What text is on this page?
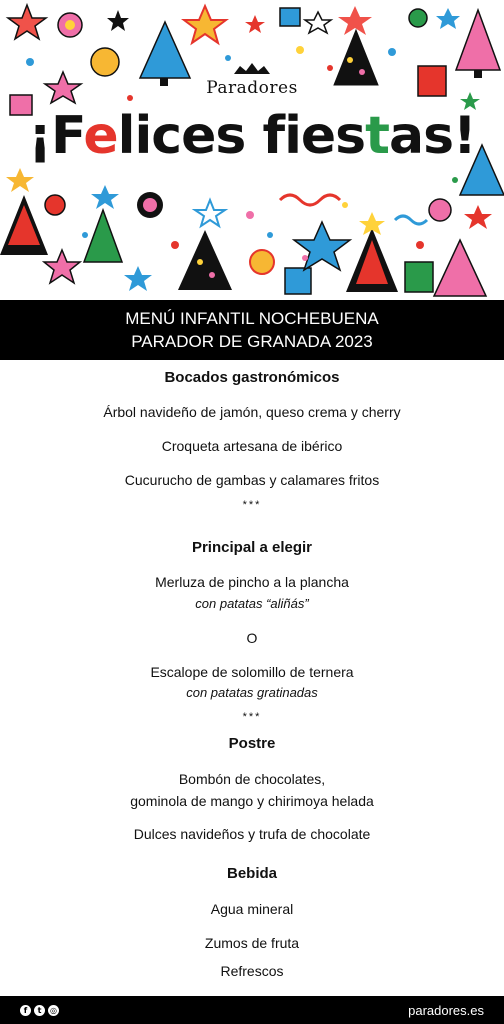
Paradores
¡Felices fiestas!
MENÚ INFANTIL NOCHEBUENA
PARADOR DE GRANADA 2023
Bocados gastronómicos
Árbol navideño de jamón, queso crema y cherry
Croqueta artesana de ibérico
Cucurucho de gambas y calamares fritos
***
Principal a elegir
Merluza de pincho a la plancha
con patatas “aliñás”
O
Escalope de solomillo de ternera
con patatas gratinadas
***
Postre
Bombón de chocolates,
gominola de mango y chirimoya helada
Dulces navideños y trufa de chocolate
Bebida
Agua mineral
Zumos de fruta
Refrescos
f	t	◎	paradores.es
